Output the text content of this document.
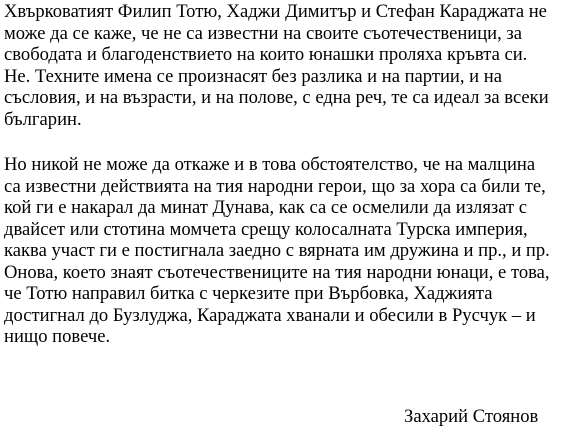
Хвърковатият Филип Тотю, Хаджи Димитър и Стефан Караджата не
може да се каже, че не са известни на своите съотечественици, за
свободата и благоденствието на които юнашки проляха кръвта си.
Не. Техните имена се произнасят без разлика и на партии, и на
съсловия, и на възрасти, и на полове, с една реч, те са идеал за всеки
българин.

Но никой не може да откаже и в това обстоятелство, че на малцина
са известни действията на тия народни герои, що за хора са били те,
кой ги е накарал да минат Дунава, как са се осмелили да излязат с
двайсет или стотина момчета срещу колосалната Турска империя,
каква участ ги е постигнала заедно с вярната им дружина и пр., и пр.
Онова, което знаят съотечествениците на тия народни юнаци, е това,
че Тотю направил битка с черкезите при Върбовка, Хаджията
достигнал до Бузлуджа, Караджата хванали и обесили в Русчук – и
нищо повече.

Захарий Стоянов
